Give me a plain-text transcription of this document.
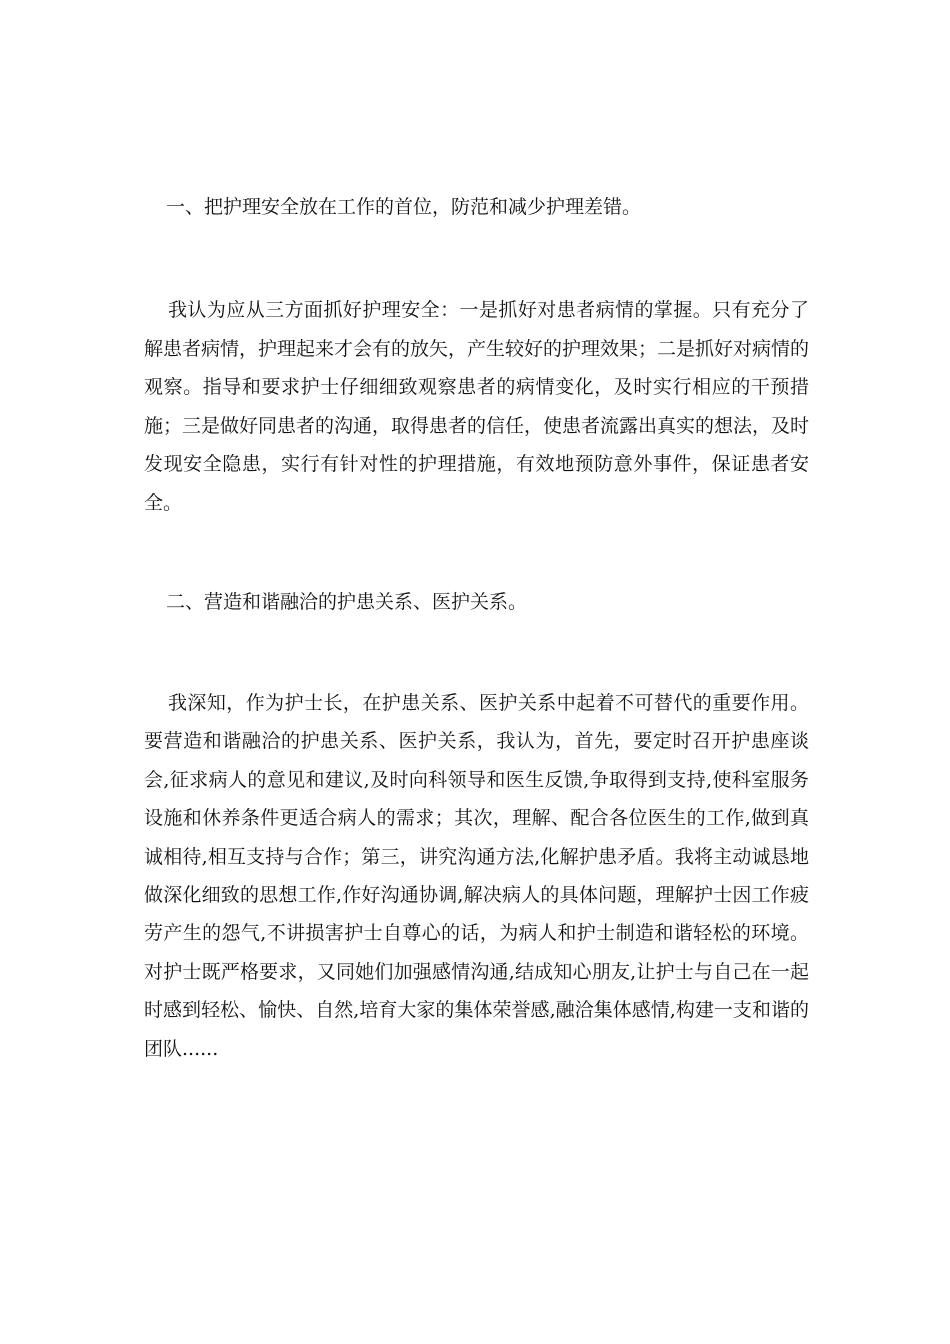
一、把护理安全放在工作的首位，防范和减少护理差错。
我认为应从三方面抓好护理安全：一是抓好对患者病情的掌握。只有充分了解患者病情，护理起来才会有的放矢，产生较好的护理效果；二是抓好对病情的观察。指导和要求护士仔细细致观察患者的病情变化，及时实行相应的干预措施；三是做好同患者的沟通，取得患者的信任，使患者流露出真实的想法，及时发现安全隐患，实行有针对性的护理措施，有效地预防意外事件，保证患者安全。
二、营造和谐融洽的护患关系、医护关系。
我深知，作为护士长，在护患关系、医护关系中起着不可替代的重要作用。要营造和谐融洽的护患关系、医护关系，我认为，首先，要定时召开护患座谈会,征求病人的意见和建议,及时向科领导和医生反馈,争取得到支持,使科室服务设施和休养条件更适合病人的需求；其次，理解、配合各位医生的工作,做到真诚相待,相互支持与合作；第三，讲究沟通方法,化解护患矛盾。我将主动诚恳地做深化细致的思想工作,作好沟通协调,解决病人的具体问题，理解护士因工作疲劳产生的怨气,不讲损害护士自尊心的话，为病人和护士制造和谐轻松的环境。对护士既严格要求，又同她们加强感情沟通,结成知心朋友,让护士与自己在一起时感到轻松、愉快、自然,培育大家的集体荣誉感,融洽集体感情,构建一支和谐的团队......
